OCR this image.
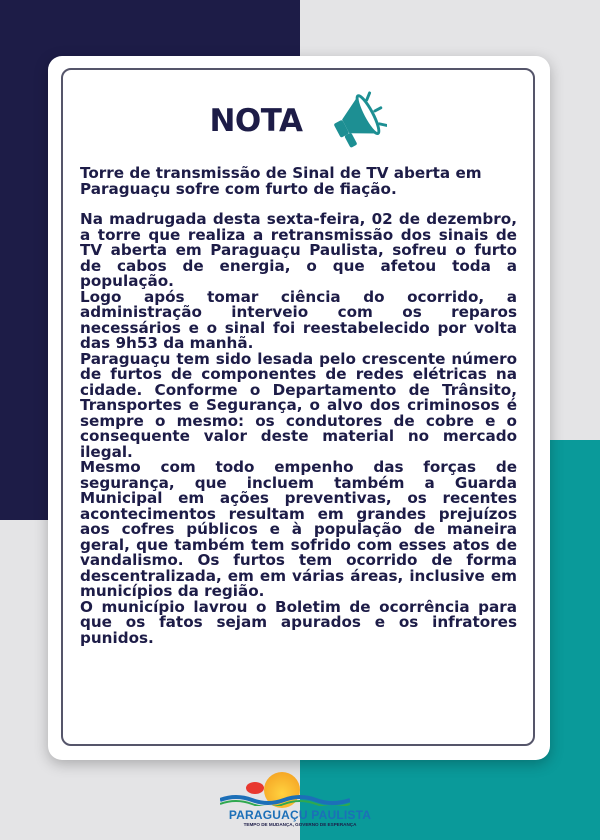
NOTA

Torre de transmissão de Sinal de TV aberta em Paraguaçu sofre com furto de fiação.

Na madrugada desta sexta-feira, 02 de dezembro, a torre que realiza a retransmissão dos sinais de TV aberta em Paraguaçu Paulista, sofreu o furto de cabos de energia, o que afetou toda a população.

Logo após tomar ciência do ocorrido, a administração interveio com os reparos necessários e o sinal foi reestabelecido por volta das 9h53 da manhã.

Paraguaçu tem sido lesada pelo crescente número de furtos de componentes de redes elétricas na cidade. Conforme o Departamento de Trânsito, Transportes e Segurança, o alvo dos criminosos é sempre o mesmo: os condutores de cobre e o consequente valor deste material no mercado ilegal.

Mesmo com todo empenho das forças de segurança, que incluem também a Guarda Municipal em ações preventivas, os recentes acontecimentos resultam em grandes prejuízos aos cofres públicos e à população de maneira geral, que também tem sofrido com esses atos de vandalismo. Os furtos tem ocorrido de forma descentralizada, em em várias áreas, inclusive em municípios da região.

O município lavrou o Boletim de ocorrência para que os fatos sejam apurados e os infratores punidos.

PARAGUAÇU PAULISTA
TEMPO DE MUDANÇA, GOVERNO DE ESPERANÇA
